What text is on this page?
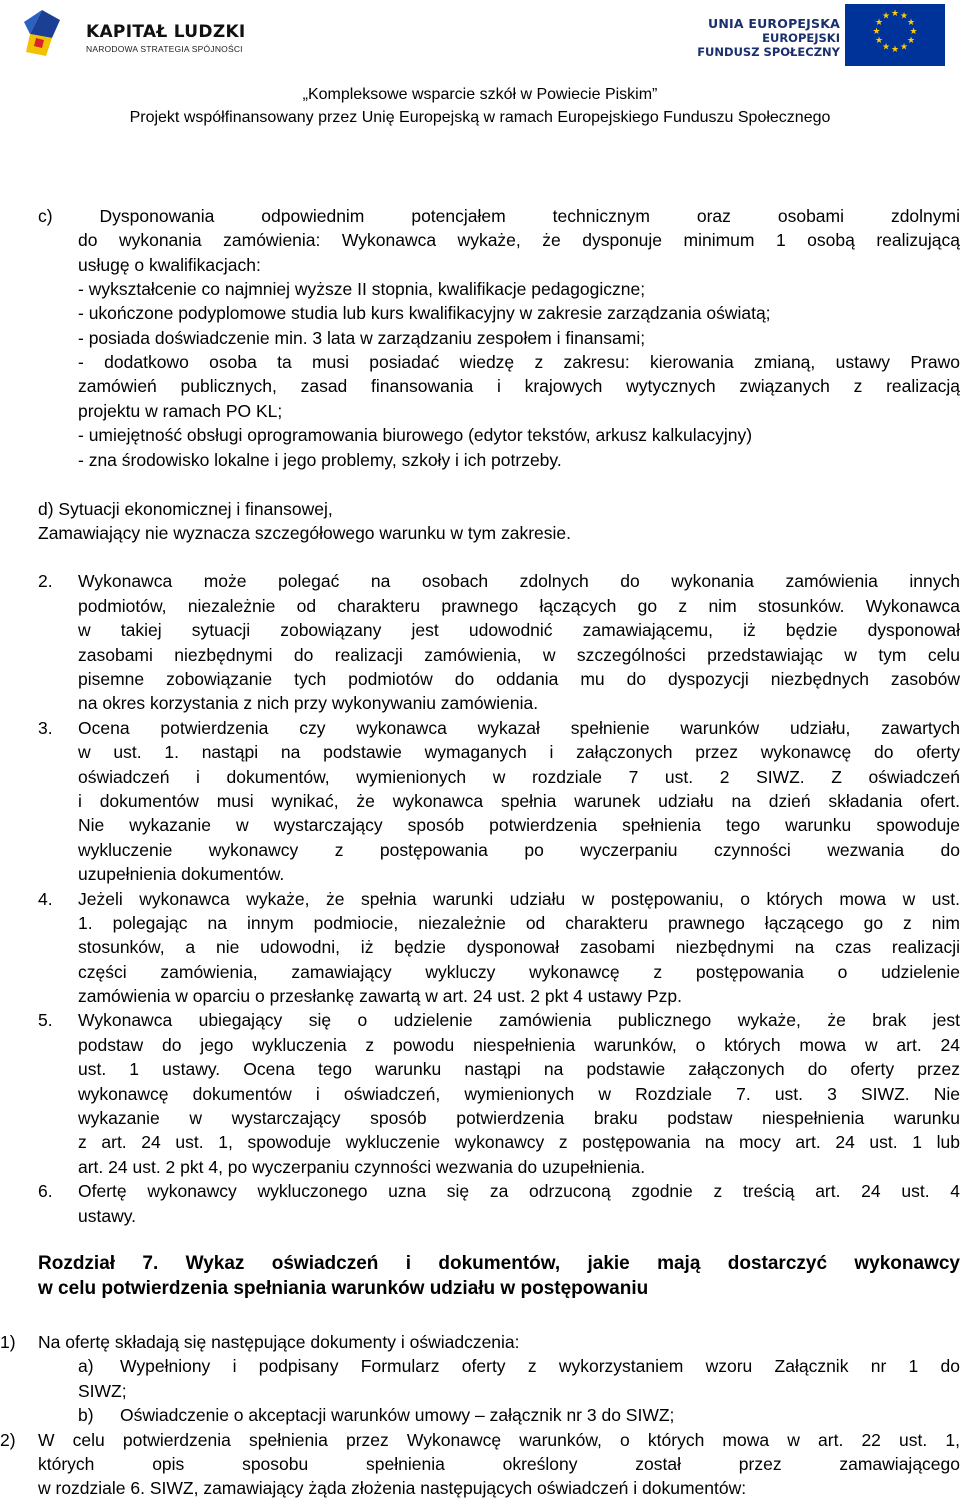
KAPITAŁ LUDZKI
NARODOWA STRATEGIA SPÓJNOŚCI
UNIA EUROPEJSKA
EUROPEJSKI
FUNDUSZ SPOŁECZNY
★ ★
★
★
★
★
★
★
★
★
★
★
„Kompleksowe wsparcie szkół w Powiecie Piskim”
Projekt współfinansowany przez Unię Europejską w ramach Europejskiego Funduszu Społecznego
c) Dysponowania odpowiednim potencjałem technicznym oraz osobami zdolnymi
do wykonania zamówienia: Wykonawca wykaże, że dysponuje minimum 1 osobą realizującą
usługę o kwalifikacjach:
- wykształcenie co najmniej wyższe II stopnia, kwalifikacje pedagogiczne;
- ukończone podyplomowe studia lub kurs kwalifikacyjny w zakresie zarządzania oświatą;
- posiada doświadczenie min. 3 lata w zarządzaniu zespołem i finansami;
- dodatkowo osoba ta musi posiadać wiedzę z zakresu: kierowania zmianą, ustawy Prawo
zamówień publicznych, zasad finansowania i krajowych wytycznych związanych z realizacją
projektu w ramach PO KL;
- umiejętność obsługi oprogramowania biurowego (edytor tekstów, arkusz kalkulacyjny)
- zna środowisko lokalne i jego problemy, szkoły i ich potrzeby.
d) Sytuacji ekonomicznej i finansowej,
Zamawiający nie wyznacza szczegółowego warunku w tym zakresie.
2.	Wykonawca może polegać na osobach zdolnych do wykonania zamówienia innych
podmiotów, niezależnie od charakteru prawnego łączących go z nim stosunków. Wykonawca
w takiej sytuacji zobowiązany jest udowodnić zamawiającemu, iż będzie dysponował
zasobami niezbędnymi do realizacji zamówienia, w szczególności przedstawiając w tym celu
pisemne zobowiązanie tych podmiotów do oddania mu do dyspozycji niezbędnych zasobów
na okres korzystania z nich przy wykonywaniu zamówienia.
3.	Ocena potwierdzenia czy wykonawca wykazał spełnienie warunków udziału, zawartych
w ust. 1. nastąpi na podstawie wymaganych i załączonych przez wykonawcę do oferty
oświadczeń i dokumentów, wymienionych w rozdziale 7 ust. 2 SIWZ. Z oświadczeń
i dokumentów musi wynikać, że wykonawca spełnia warunek udziału na dzień składania ofert.
Nie wykazanie w wystarczający sposób potwierdzenia spełnienia tego warunku spowoduje
wykluczenie wykonawcy z postępowania po wyczerpaniu czynności wezwania do
uzupełnienia dokumentów.
4.	Jeżeli wykonawca wykaże, że spełnia warunki udziału w postępowaniu, o których mowa w ust.
1. polegając na innym podmiocie, niezależnie od charakteru prawnego łączącego go z nim
stosunków, a nie udowodni, iż będzie dysponował zasobami niezbędnymi na czas realizacji
części zamówienia, zamawiający wykluczy wykonawcę z postępowania o udzielenie
zamówienia w oparciu o przesłankę zawartą w art. 24 ust. 2 pkt 4 ustawy Pzp.
5.	Wykonawca ubiegający się o udzielenie zamówienia publicznego wykaże, że brak jest
podstaw do jego wykluczenia z powodu niespełnienia warunków, o których mowa w art. 24
ust. 1 ustawy. Ocena tego warunku nastąpi na podstawie załączonych do oferty przez
wykonawcę dokumentów i oświadczeń, wymienionych w Rozdziale 7. ust. 3 SIWZ. Nie
wykazanie w wystarczający sposób potwierdzenia braku podstaw niespełnienia warunku
z art. 24 ust. 1, spowoduje wykluczenie wykonawcy z postępowania na mocy art. 24 ust. 1 lub
art. 24 ust. 2 pkt 4, po wyczerpaniu czynności wezwania do uzupełnienia.
6.	Ofertę wykonawcy wykluczonego uzna się za odrzuconą zgodnie z treścią art. 24 ust. 4
ustawy.
Rozdział 7. Wykaz oświadczeń i dokumentów, jakie mają dostarczyć wykonawcy
w celu potwierdzenia spełniania warunków udziału w postępowaniu
1)	Na ofertę składają się następujące dokumenty i oświadczenia:
a)	Wypełniony i podpisany Formularz oferty z wykorzystaniem wzoru Załącznik nr 1 do
SIWZ;
b)	Oświadczenie o akceptacji warunków umowy – załącznik nr 3 do SIWZ;
2)	W celu potwierdzenia spełnienia przez Wykonawcę warunków, o których mowa w art. 22 ust. 1,
których opis sposobu spełnienia określony został przez zamawiającego
w rozdziale 6. SIWZ, zamawiający żąda złożenia następujących oświadczeń i dokumentów:
